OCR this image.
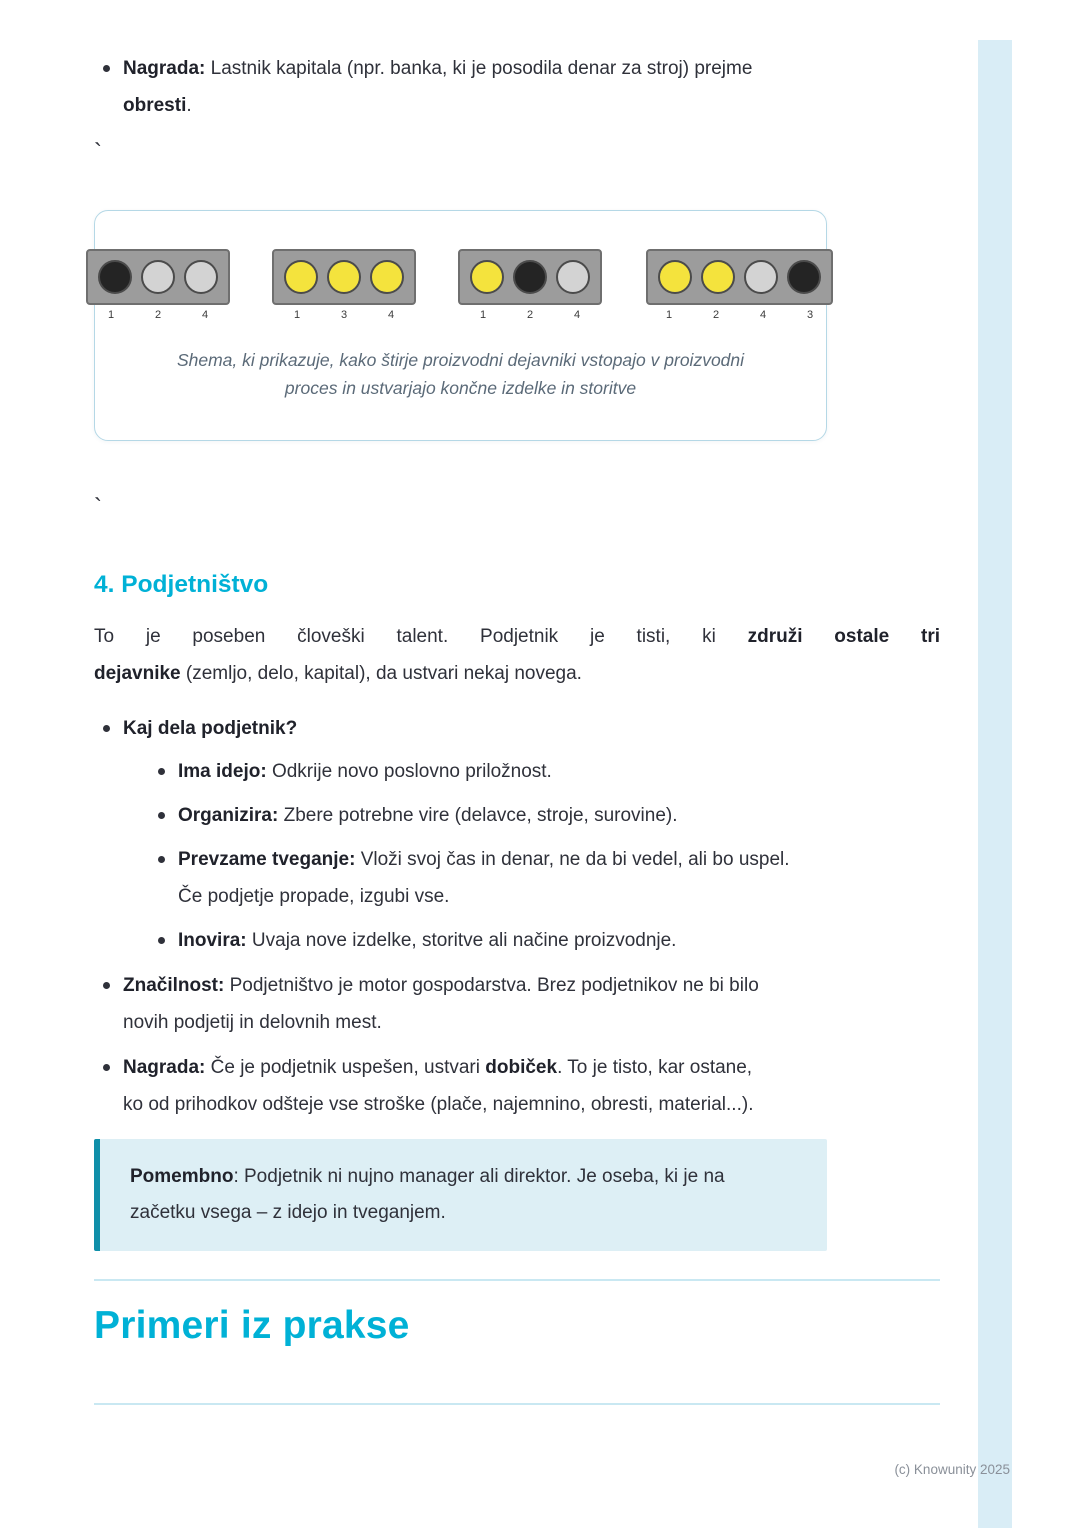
Nagrada: Lastnik kapitala (npr. banka, ki je posodila denar za stroj) prejme obresti.
`
1	2	4	1	3	4	1	2	4	1	2	4	3
Shema, ki prikazuje, kako štirje proizvodni dejavniki vstopajo v proizvodni proces in ustvarjajo končne izdelke in storitve
`
4. Podjetništvo
To je poseben človeški talent. Podjetnik je tisti, ki združi ostale tri
dejavnike (zemljo, delo, kapital), da ustvari nekaj novega.
Kaj dela podjetnik?
Ima idejo: Odkrije novo poslovno priložnost.
Organizira: Zbere potrebne vire (delavce, stroje, surovine).
Prevzame tveganje: Vloži svoj čas in denar, ne da bi vedel, ali bo uspel. Če podjetje propade, izgubi vse.
Inovira: Uvaja nove izdelke, storitve ali načine proizvodnje.
Značilnost: Podjetništvo je motor gospodarstva. Brez podjetnikov ne bi bilo novih podjetij in delovnih mest.
Nagrada: Če je podjetnik uspešen, ustvari dobiček. To je tisto, kar ostane, ko od prihodkov odšteje vse stroške (plače, najemnino, obresti, material...).

Pomembno: Podjetnik ni nujno manager ali direktor. Je oseba, ki je na začetku vsega – z idejo in tveganjem.

Primeri iz prakse
(c) Knowunity 2025
